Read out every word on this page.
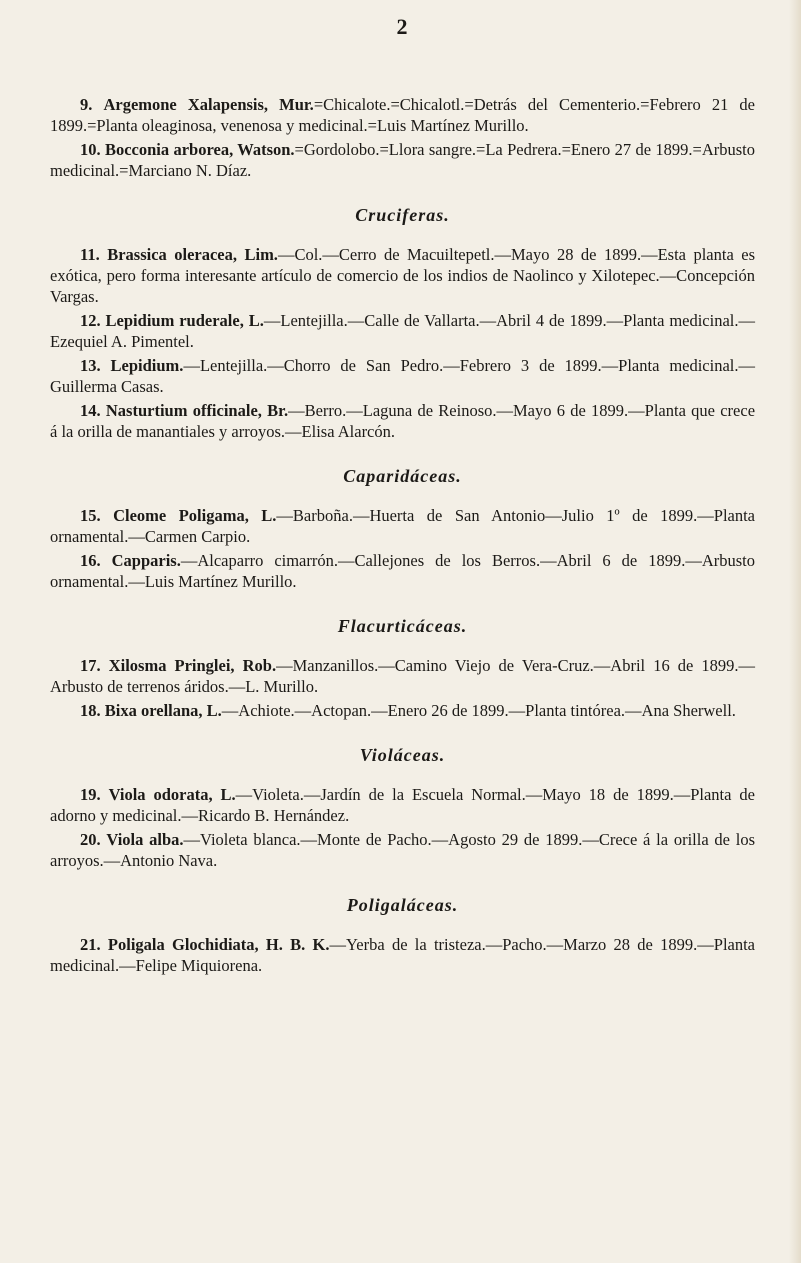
2

9. Argemone Xalapensis, Mur.=Chicalote.=Chicalotl.=Detrás del Cementerio.=Febrero 21 de 1899.=Planta oleaginosa, venenosa y medicinal.=Luis Martínez Murillo.

10. Bocconia arborea, Watson.=Gordolobo.=Llora sangre.=La Pedrera.=Enero 27 de 1899.=Arbusto medicinal.=Marciano N. Díaz.

Cruciferas.

11. Brassica oleracea, Lim.—Col.—Cerro de Macuiltepetl.—Mayo 28 de 1899.—Esta planta es exótica, pero forma interesante artículo de comercio de los indios de Naolinco y Xilotepec.—Concepción Vargas.

12. Lepidium ruderale, L.—Lentejilla.—Calle de Vallarta.—Abril 4 de 1899.—Planta medicinal.—Ezequiel A. Pimentel.

13. Lepidium.—Lentejilla.—Chorro de San Pedro.—Febrero 3 de 1899.—Planta medicinal.—Guillerma Casas.

14. Nasturtium officinale, Br.—Berro.—Laguna de Reinoso.—Mayo 6 de 1899.—Planta que crece á la orilla de manantiales y arroyos.—Elisa Alarcón.

Caparidáceas.

15. Cleome Poligama, L.—Barboña.—Huerta de San Antonio—Julio 1º de 1899.—Planta ornamental.—Carmen Carpio.

16. Capparis.—Alcaparro cimarrón.—Callejones de los Berros.—Abril 6 de 1899.—Arbusto ornamental.—Luis Martínez Murillo.

Flacurticáceas.

17. Xilosma Pringlei, Rob.—Manzanillos.—Camino Viejo de Vera-Cruz.—Abril 16 de 1899.—Arbusto de terrenos áridos.—L. Murillo.

18. Bixa orellana, L.—Achiote.—Actopan.—Enero 26 de 1899.—Planta tintórea.—Ana Sherwell.

Violáceas.

19. Viola odorata, L.—Violeta.—Jardín de la Escuela Normal.—Mayo 18 de 1899.—Planta de adorno y medicinal.—Ricardo B. Hernández.

20. Viola alba.—Violeta blanca.—Monte de Pacho.—Agosto 29 de 1899.—Crece á la orilla de los arroyos.—Antonio Nava.

Poligaláceas.

21. Poligala Glochidiata, H. B. K.—Yerba de la tristeza.—Pacho.—Marzo 28 de 1899.—Planta medicinal.—Felipe Miquiorena.
